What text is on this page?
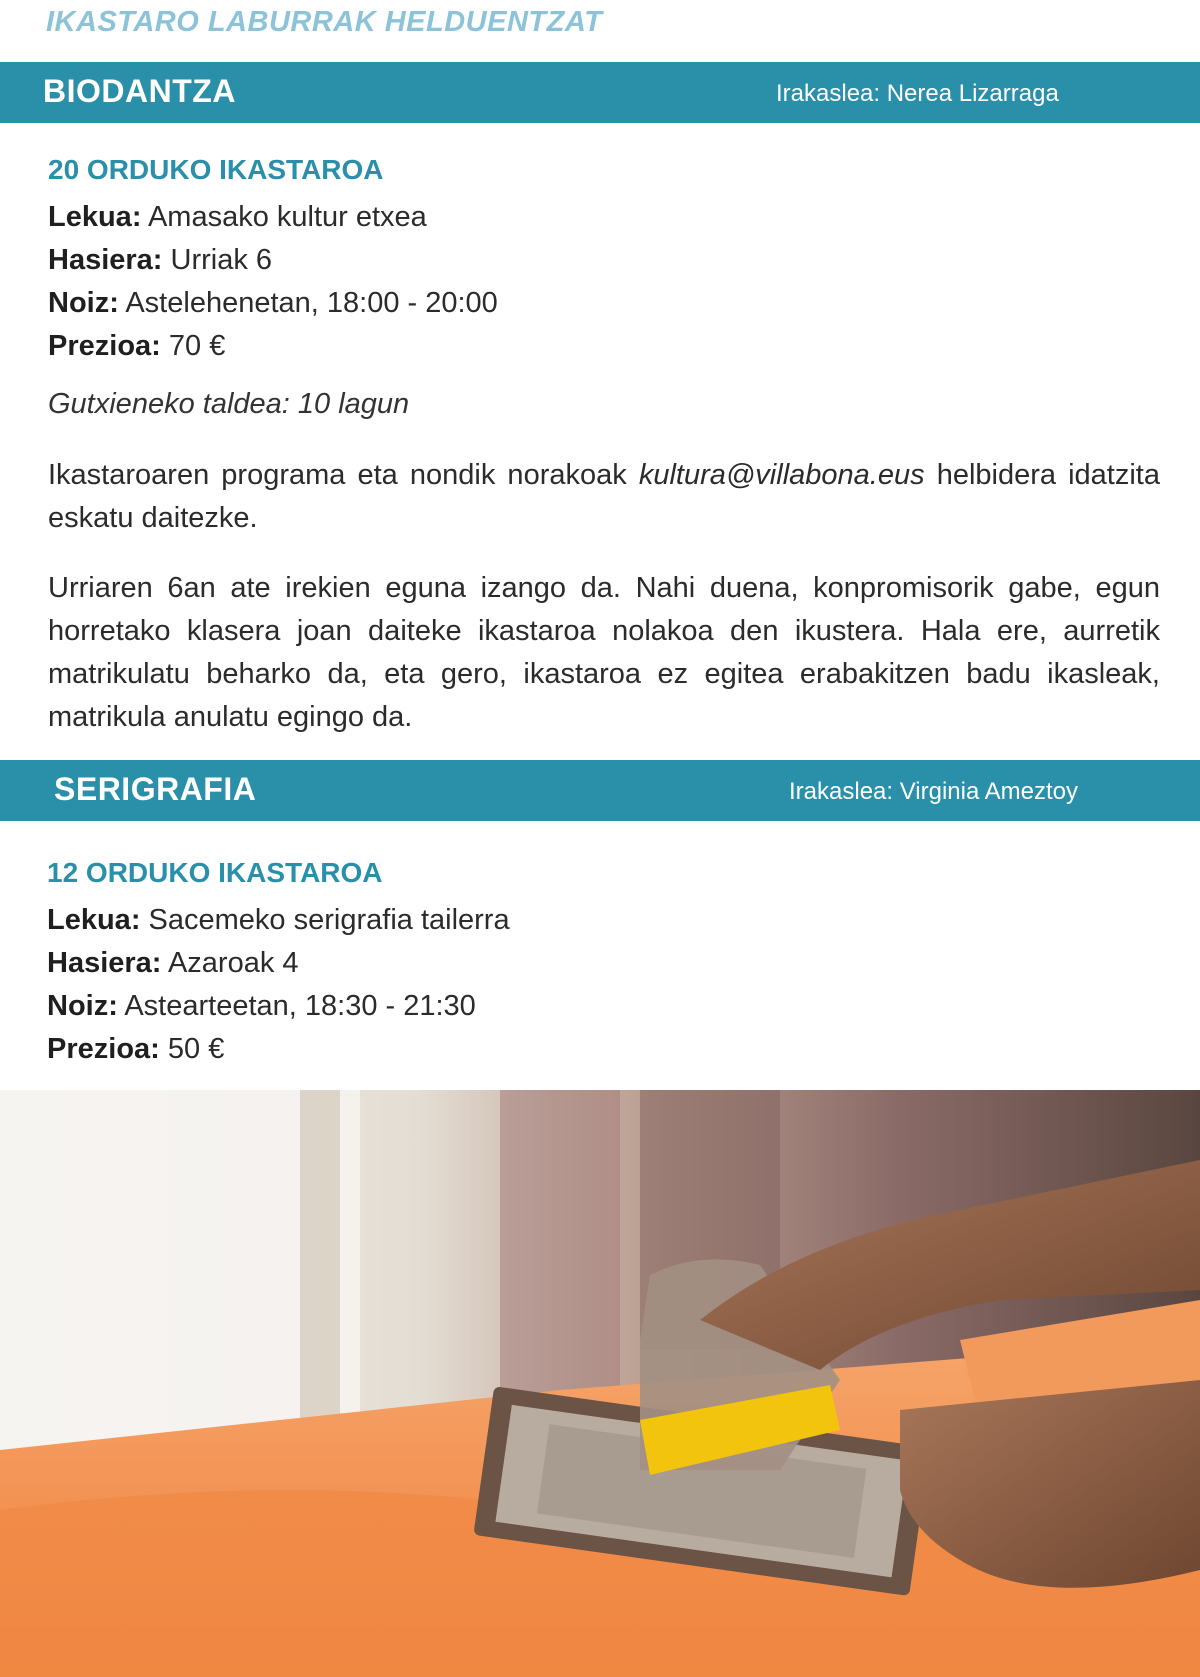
IKASTARO LABURRAK HELDUENTZAT
BIODANTZA	Irakaslea: Nerea Lizarraga
20 ORDUKO IKASTAROA
Lekua: Amasako kultur etxea
Hasiera: Urriak 6
Noiz: Astelehenetan, 18:00 - 20:00
Prezioa: 70 €
Gutxieneko taldea: 10 lagun
Ikastaroaren programa eta nondik norakoak kultura@villabona.eus helbidera idatzita eskatu daitezke.
Urriaren 6an ate irekien eguna izango da. Nahi duena, konpromisorik gabe, egun horretako klasera joan daiteke ikastaroa nolakoa den ikustera. Hala ere, aurretik matrikulatu beharko da, eta gero, ikastaroa ez egitea erabakitzen badu ikasleak, matrikula anulatu egingo da.
SERIGRAFIA	Irakaslea: Virginia Ameztoy
12 ORDUKO IKASTAROA
Lekua: Sacemeko serigrafia tailerra
Hasiera: Azaroak 4
Noiz: Astearteetan, 18:30 - 21:30
Prezioa: 50 €
